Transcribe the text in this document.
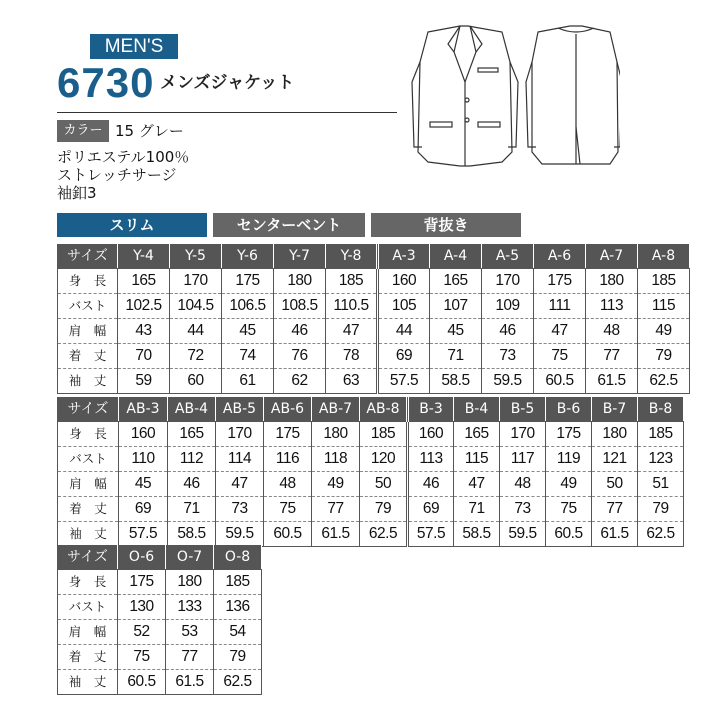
MEN'S
6730 メンズジャケット
カラー 15 グレー
ポリエステル100％
ストレッチサージ
袖釦3
スリム	センターベント	背抜き
サイズ	Y-4	Y-5	Y-6	Y-7	Y-8	A-3	A-4	A-5	A-6	A-7	A-8
身　長	165	170	175	180	185	160	165	170	175	180	185
バスト	102.5	104.5	106.5	108.5	110.5	105	107	109	111	113	115
肩　幅	43	44	45	46	47	44	45	46	47	48	49
着　丈	70	72	74	76	78	69	71	73	75	77	79
袖　丈	59	60	61	62	63	57.5	58.5	59.5	60.5	61.5	62.5
サイズ	AB-3	AB-4	AB-5	AB-6	AB-7	AB-8	B-3	B-4	B-5	B-6	B-7	B-8
身　長	160	165	170	175	180	185	160	165	170	175	180	185
バスト	110	112	114	116	118	120	113	115	117	119	121	123
肩　幅	45	46	47	48	49	50	46	47	48	49	50	51
着　丈	69	71	73	75	77	79	69	71	73	75	77	79
袖　丈	57.5	58.5	59.5	60.5	61.5	62.5	57.5	58.5	59.5	60.5	61.5	62.5
サイズ	O-6	O-7	O-8
身　長	175	180	185
バスト	130	133	136
肩　幅	52	53	54
着　丈	75	77	79
袖　丈	60.5	61.5	62.5
